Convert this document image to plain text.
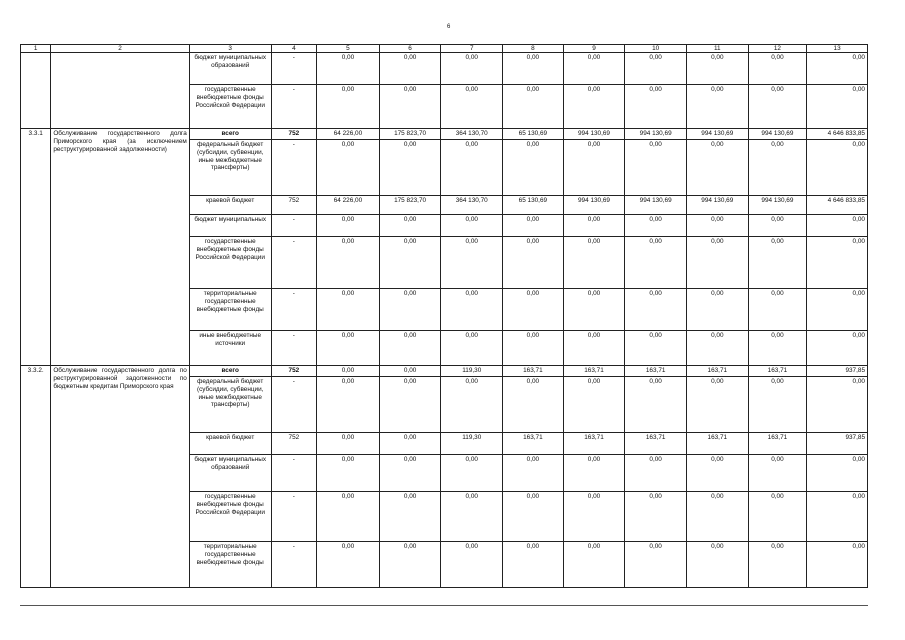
6
1	2	3	4	5	6	7	8	9	10	11	12	13
		бюджет муниципальных образований	-	0,00	0,00	0,00	0,00	0,00	0,00	0,00	0,00	0,00
		государственные внебюджетные фонды Российской Федерации	-	0,00	0,00	0,00	0,00	0,00	0,00	0,00	0,00	0,00
3.3.1	Обслуживание государственного долга Приморского края (за исключением реструктурированной задолженности)	всего	752	64 226,00	175 823,70	364 130,70	65 130,69	994 130,69	994 130,69	994 130,69	994 130,69	4 646 833,85
		федеральный бюджет (субсидии, субвенции, иные межбюджетные трансферты)	-	0,00	0,00	0,00	0,00	0,00	0,00	0,00	0,00	0,00
		краевой бюджет	752	64 226,00	175 823,70	364 130,70	65 130,69	994 130,69	994 130,69	994 130,69	994 130,69	4 646 833,85
		бюджет муниципальных	-	0,00	0,00	0,00	0,00	0,00	0,00	0,00	0,00	0,00
		государственные внебюджетные фонды Российской Федерации	-	0,00	0,00	0,00	0,00	0,00	0,00	0,00	0,00	0,00
		территориальные государственные внебюджетные фонды	-	0,00	0,00	0,00	0,00	0,00	0,00	0,00	0,00	0,00
		иные внебюджетные источники	-	0,00	0,00	0,00	0,00	0,00	0,00	0,00	0,00	0,00
3.3.2.	Обслуживание государственного долга по реструктурированной задолженности по бюджетным кредитам Приморского края	всего	752	0,00	0,00	119,30	163,71	163,71	163,71	163,71	163,71	937,85
		федеральный бюджет (субсидии, субвенции, иные межбюджетные трансферты)	-	0,00	0,00	0,00	0,00	0,00	0,00	0,00	0,00	0,00
		краевой бюджет	752	0,00	0,00	119,30	163,71	163,71	163,71	163,71	163,71	937,85
		бюджет муниципальных образований	-	0,00	0,00	0,00	0,00	0,00	0,00	0,00	0,00	0,00
		государственные внебюджетные фонды Российской Федерации	-	0,00	0,00	0,00	0,00	0,00	0,00	0,00	0,00	0,00
		территориальные государственные внебюджетные фонды	-	0,00	0,00	0,00	0,00	0,00	0,00	0,00	0,00	0,00
